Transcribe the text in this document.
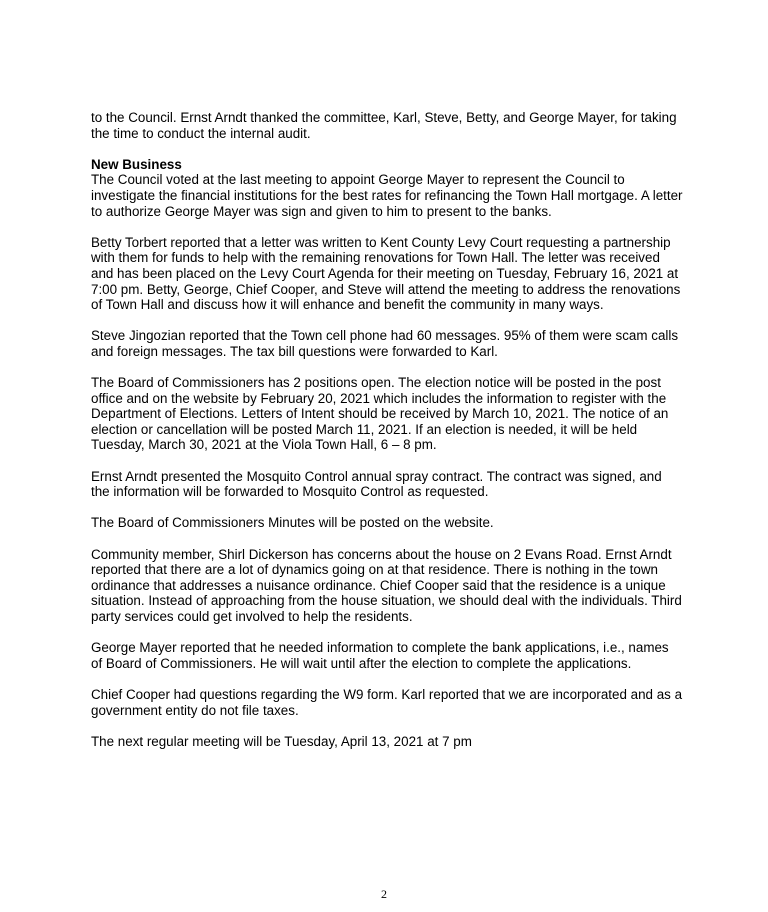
to the Council. Ernst Arndt thanked the committee, Karl, Steve, Betty, and George Mayer, for taking the time to conduct the internal audit.

New Business

The Council voted at the last meeting to appoint George Mayer to represent the Council to investigate the financial institutions for the best rates for refinancing the Town Hall mortgage. A letter to authorize George Mayer was sign and given to him to present to the banks.

Betty Torbert reported that a letter was written to Kent County Levy Court requesting a partnership with them for funds to help with the remaining renovations for Town Hall. The letter was received and has been placed on the Levy Court Agenda for their meeting on Tuesday, February 16, 2021 at 7:00 pm. Betty, George, Chief Cooper, and Steve will attend the meeting to address the renovations of Town Hall and discuss how it will enhance and benefit the community in many ways.

Steve Jingozian reported that the Town cell phone had 60 messages. 95% of them were scam calls and foreign messages. The tax bill questions were forwarded to Karl.

The Board of Commissioners has 2 positions open. The election notice will be posted in the post office and on the website by February 20, 2021 which includes the information to register with the Department of Elections. Letters of Intent should be received by March 10, 2021. The notice of an election or cancellation will be posted March 11, 2021. If an election is needed, it will be held Tuesday, March 30, 2021 at the Viola Town Hall, 6 – 8 pm.

Ernst Arndt presented the Mosquito Control annual spray contract. The contract was signed, and the information will be forwarded to Mosquito Control as requested.

The Board of Commissioners Minutes will be posted on the website.

Community member, Shirl Dickerson has concerns about the house on 2 Evans Road. Ernst Arndt reported that there are a lot of dynamics going on at that residence. There is nothing in the town ordinance that addresses a nuisance ordinance. Chief Cooper said that the residence is a unique situation. Instead of approaching from the house situation, we should deal with the individuals. Third party services could get involved to help the residents.

George Mayer reported that he needed information to complete the bank applications, i.e., names of Board of Commissioners. He will wait until after the election to complete the applications.

Chief Cooper had questions regarding the W9 form. Karl reported that we are incorporated and as a government entity do not file taxes.

The next regular meeting will be Tuesday, April 13, 2021 at 7 pm

2
